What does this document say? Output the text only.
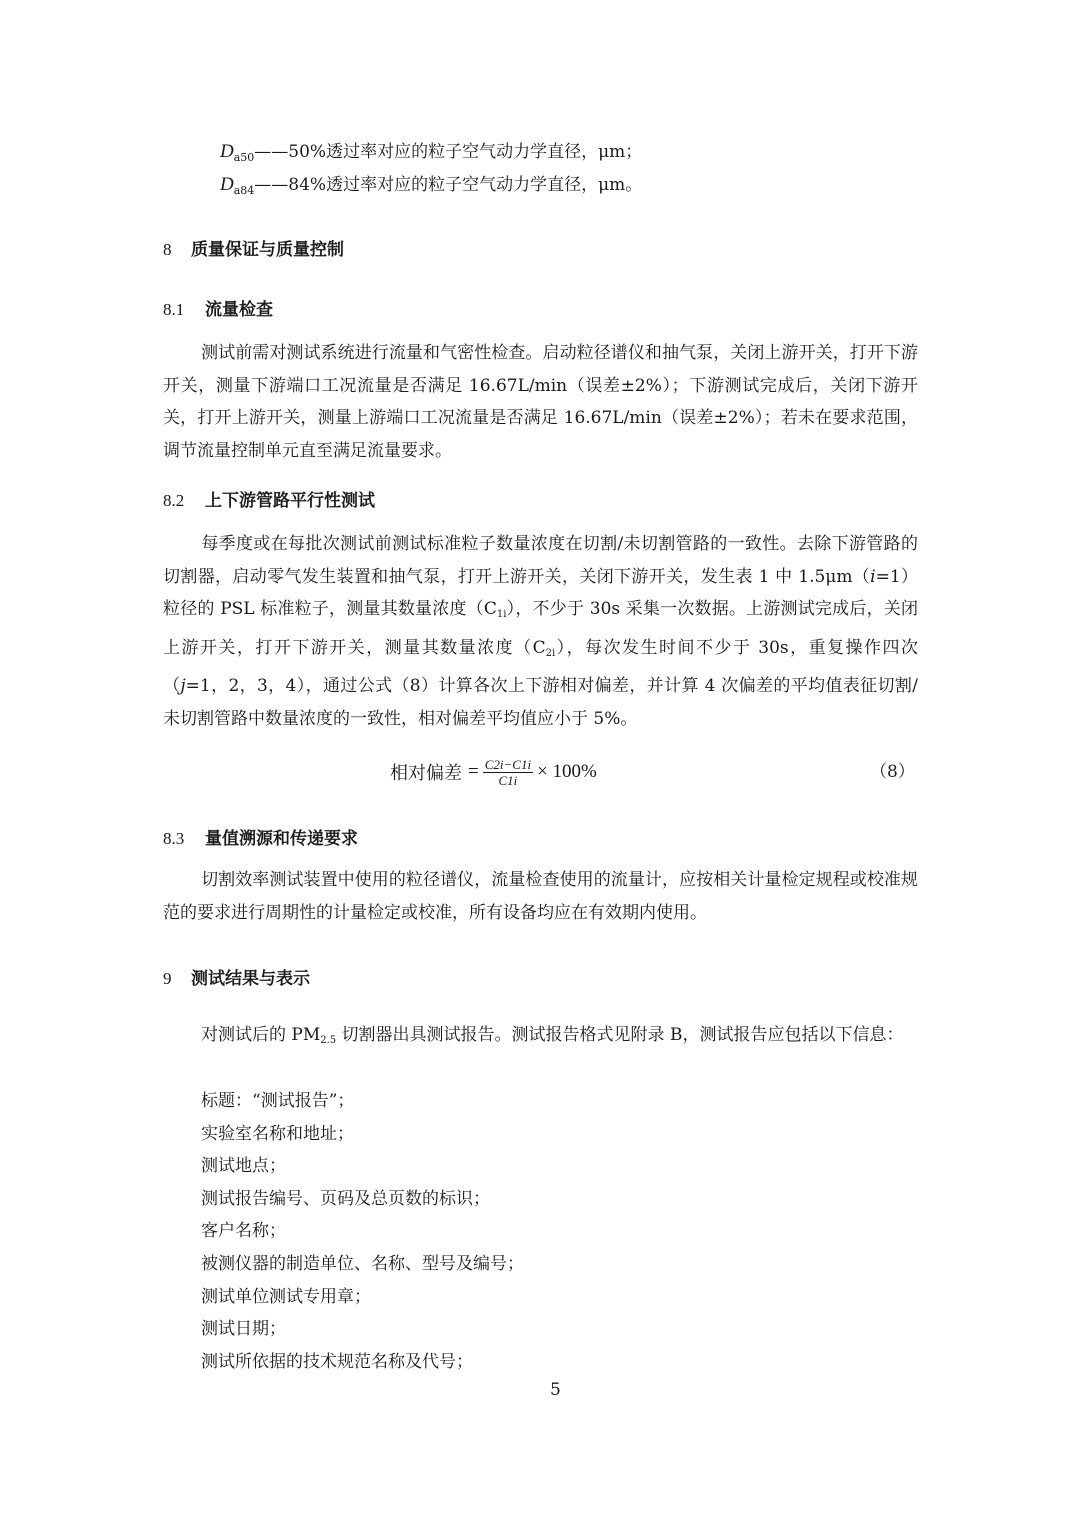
$D_{a50}——50\%$透过率对应的粒子空气动力学直径，μm；
$D_{a84}——84\%$透过率对应的粒子空气动力学直径，μm。
8 质量保证与质量控制
8.1 流量检查
测试前需对测试系统进行流量和气密性检查。启动粒径谱仪和抽气泵，关闭上游开关，打开下游开关，测量下游端口工况流量是否满足 16.67L/min（误差±2%）；下游测试完成后，关闭下游开关，打开上游开关，测量上游端口工况流量是否满足 16.67L/min（误差±2%）；若未在要求范围，调节流量控制单元直至满足流量要求。
8.2 上下游管路平行性测试
每季度或在每批次测试前测试标准粒子数量浓度在切割/未切割管路的一致性。去除下游管路的切割器，启动零气发生装置和抽气泵，打开上游开关，关闭下游开关，发生表 1 中 1.5μm（i=1）粒径的 PSL 标准粒子，测量其数量浓度（C1i），不少于 30s 采集一次数据。上游测试完成后，关闭上游开关，打开下游开关，测量其数量浓度（C2i），每次发生时间不少于 30s，重复操作四次（j=1，2，3，4），通过公式（8）计算各次上下游相对偏差，并计算 4 次偏差的平均值表征切割/未切割管路中数量浓度的一致性，相对偏差平均值应小于 5%。
相对偏差 = $\frac{C2i-C1i}{C1i} \times 100\%$	（8）
8.3 量值溯源和传递要求
切割效率测试装置中使用的粒径谱仪，流量检查使用的流量计，应按相关计量检定规程或校准规范的要求进行周期性的计量检定或校准，所有设备均应在有效期内使用。
9 测试结果与表示
对测试后的 PM2.5 切割器出具测试报告。测试报告格式见附录 B，测试报告应包括以下信息：
标题：“测试报告”；
实验室名称和地址；
测试地点；
测试报告编号、页码及总页数的标识；
客户名称；
被测仪器的制造单位、名称、型号及编号；
测试单位测试专用章；
测试日期；
测试所依据的技术规范名称及代号；
5
